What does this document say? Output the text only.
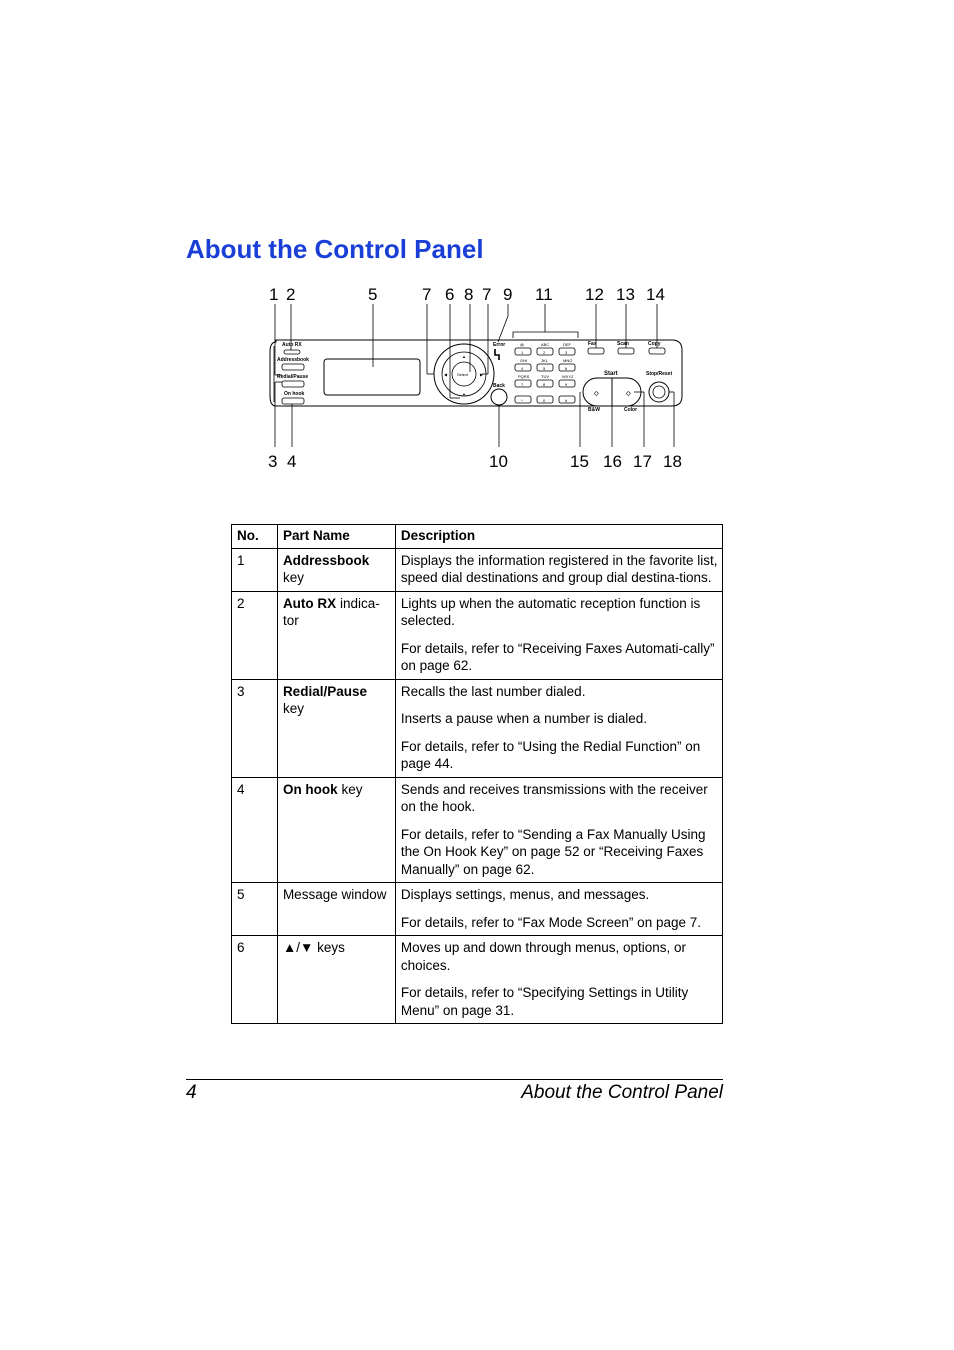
About the Control Panel
1 2	5	7 6 8 7 9 11 12 13 14
3 4	10	15 16 17 18
Auto RX
Addressbook
Redial/Pause
On hook
Select
▲
▼
◀	▶
Error
Back
1	2	3
4	5	6
7	8	9
*	0	#
@.	ABC	DEF
GHI	JKL	MNO
PQRS	TUV	WXYZ
Fax	Scan	Copy
Start
◇	◇
B&W	Color
Stop/Reset
No.	Part Name	Description
1	Addressbook key	Displays the information registered in the favorite list, speed dial destinations and group dial destina-tions.

2	Auto RX indica-tor	Lights up when the automatic reception function is selected.

For details, refer to “Receiving Faxes Automati-cally” on page 62.

3	Redial/Pause key	Recalls the last number dialed.

Inserts a pause when a number is dialed.

For details, refer to “Using the Redial Function” on page 44.

4	On hook key	Sends and receives transmissions with the receiver on the hook.

For details, refer to “Sending a Fax Manually Using the On Hook Key” on page 52 or “Receiving Faxes Manually” on page 62.

5	Message window	Displays settings, menus, and messages.

For details, refer to “Fax Mode Screen” on page 7.

6	▲/▼ keys	Moves up and down through menus, options, or choices.

For details, refer to “Specifying Settings in Utility Menu” on page 31.

4	About the Control Panel
